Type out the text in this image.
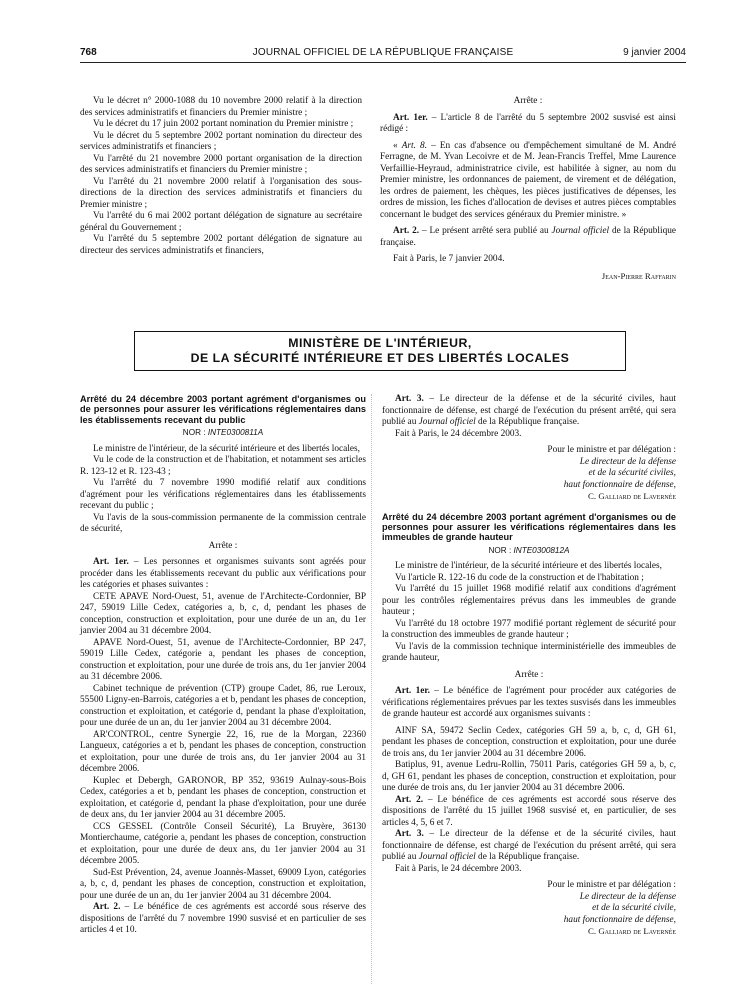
768	JOURNAL OFFICIEL DE LA RÉPUBLIQUE FRANÇAISE	9 janvier 2004

Vu le décret n° 2000-1088 du 10 novembre 2000 relatif à la direction des services administratifs et financiers du Premier ministre ;

Vu le décret du 17 juin 2002 portant nomination du Premier ministre ;

Vu le décret du 5 septembre 2002 portant nomination du directeur des services administratifs et financiers ;

Vu l'arrêté du 21 novembre 2000 portant organisation de la direction des services administratifs et financiers du Premier ministre ;

Vu l'arrêté du 21 novembre 2000 relatif à l'organisation des sous-directions de la direction des services administratifs et financiers du Premier ministre ;

Vu l'arrêté du 6 mai 2002 portant délégation de signature au secrétaire général du Gouvernement ;

Vu l'arrêté du 5 septembre 2002 portant délégation de signature au directeur des services administratifs et financiers,

Arrête :

Art. 1er. – L'article 8 de l'arrêté du 5 septembre 2002 susvisé est ainsi rédigé :

« Art. 8. – En cas d'absence ou d'empêchement simultané de M. André Ferragne, de M. Yvan Lecoivre et de M. Jean-Francis Treffel, Mme Laurence Verfaillie-Heyraud, administratrice civile, est habilitée à signer, au nom du Premier ministre, les ordonnances de paiement, de virement et de délégation, les ordres de paiement, les chèques, les pièces justificatives de dépenses, les ordres de mission, les fiches d'allocation de devises et autres pièces comptables concernant le budget des services généraux du Premier ministre. »

Art. 2. – Le présent arrêté sera publié au Journal officiel de la République française.

Fait à Paris, le 7 janvier 2004.

Jean-Pierre Raffarin

MINISTÈRE DE L'INTÉRIEUR,
DE LA SÉCURITÉ INTÉRIEURE ET DES LIBERTÉS LOCALES

Arrêté du 24 décembre 2003 portant agrément d'organismes ou de personnes pour assurer les vérifications réglementaires dans les établissements recevant du public

NOR : INTE0300811A

Le ministre de l'intérieur, de la sécurité intérieure et des libertés locales,

Vu le code de la construction et de l'habitation, et notamment ses articles R. 123-12 et R. 123-43 ;

Vu l'arrêté du 7 novembre 1990 modifié relatif aux conditions d'agrément pour les vérifications réglementaires dans les établissements recevant du public ;

Vu l'avis de la sous-commission permanente de la commission centrale de sécurité,

Arrête :

Art. 1er. – Les personnes et organismes suivants sont agréés pour procéder dans les établissements recevant du public aux vérifications pour les catégories et phases suivantes :

CETE APAVE Nord-Ouest, 51, avenue de l'Architecte-Cordonnier, BP 247, 59019 Lille Cedex, catégories a, b, c, d, pendant les phases de conception, construction et exploitation, pour une durée de un an, du 1er janvier 2004 au 31 décembre 2004.

APAVE Nord-Ouest, 51, avenue de l'Architecte-Cordonnier, BP 247, 59019 Lille Cedex, catégorie a, pendant les phases de conception, construction et exploitation, pour une durée de trois ans, du 1er janvier 2004 au 31 décembre 2006.

Cabinet technique de prévention (CTP) groupe Cadet, 86, rue Leroux, 55500 Ligny-en-Barrois, catégories a et b, pendant les phases de conception, construction et exploitation, et catégorie d, pendant la phase d'exploitation, pour une durée de un an, du 1er janvier 2004 au 31 décembre 2004.

AR'CONTROL, centre Synergie 22, 16, rue de la Morgan, 22360 Langueux, catégories a et b, pendant les phases de conception, construction et exploitation, pour une durée de trois ans, du 1er janvier 2004 au 31 décembre 2006.

Kuplec et Debergh, GARONOR, BP 352, 93619 Aulnay-sous-Bois Cedex, catégories a et b, pendant les phases de conception, construction et exploitation, et catégorie d, pendant la phase d'exploitation, pour une durée de deux ans, du 1er janvier 2004 au 31 décembre 2005.

CCS GESSEL (Contrôle Conseil Sécurité), La Bruyère, 36130 Montierchaume, catégorie a, pendant les phases de conception, construction et exploitation, pour une durée de deux ans, du 1er janvier 2004 au 31 décembre 2005.

Sud-Est Prévention, 24, avenue Joannès-Masset, 69009 Lyon, catégories a, b, c, d, pendant les phases de conception, construction et exploitation, pour une durée de un an, du 1er janvier 2004 au 31 décembre 2004.

Art. 2. – Le bénéfice de ces agréments est accordé sous réserve des dispositions de l'arrêté du 7 novembre 1990 susvisé et en particulier de ses articles 4 et 10.

Art. 3. – Le directeur de la défense et de la sécurité civiles, haut fonctionnaire de défense, est chargé de l'exécution du présent arrêté, qui sera publié au Journal officiel de la République française.

Fait à Paris, le 24 décembre 2003.

Pour le ministre et par délégation :

Le directeur de la défense

et de la sécurité civiles,

haut fonctionnaire de défense,

C. Galliard de Lavernée

Arrêté du 24 décembre 2003 portant agrément d'organismes ou de personnes pour assurer les vérifications réglementaires dans les immeubles de grande hauteur

NOR : INTE0300812A

Le ministre de l'intérieur, de la sécurité intérieure et des libertés locales,

Vu l'article R. 122-16 du code de la construction et de l'habitation ;

Vu l'arrêté du 15 juillet 1968 modifié relatif aux conditions d'agrément pour les contrôles réglementaires prévus dans les immeubles de grande hauteur ;

Vu l'arrêté du 18 octobre 1977 modifié portant règlement de sécurité pour la construction des immeubles de grande hauteur ;

Vu l'avis de la commission technique interministérielle des immeubles de grande hauteur,

Arrête :

Art. 1er. – Le bénéfice de l'agrément pour procéder aux catégories de vérifications réglementaires prévues par les textes susvisés dans les immeubles de grande hauteur est accordé aux organismes suivants :

AINF SA, 59472 Seclin Cedex, catégories GH 59 a, b, c, d, GH 61, pendant les phases de conception, construction et exploitation, pour une durée de trois ans, du 1er janvier 2004 au 31 décembre 2006.

Batiplus, 91, avenue Ledru-Rollin, 75011 Paris, catégories GH 59 a, b, c, d, GH 61, pendant les phases de conception, construction et exploitation, pour une durée de trois ans, du 1er janvier 2004 au 31 décembre 2006.

Art. 2. – Le bénéfice de ces agréments est accordé sous réserve des dispositions de l'arrêté du 15 juillet 1968 susvisé et, en particulier, de ses articles 4, 5, 6 et 7.

Art. 3. – Le directeur de la défense et de la sécurité civiles, haut fonctionnaire de défense, est chargé de l'exécution du présent arrêté, qui sera publié au Journal officiel de la République française.

Fait à Paris, le 24 décembre 2003.

Pour le ministre et par délégation :

Le directeur de la défense

et de la sécurité civile,

haut fonctionnaire de défense,

C. Galliard de Lavernée
